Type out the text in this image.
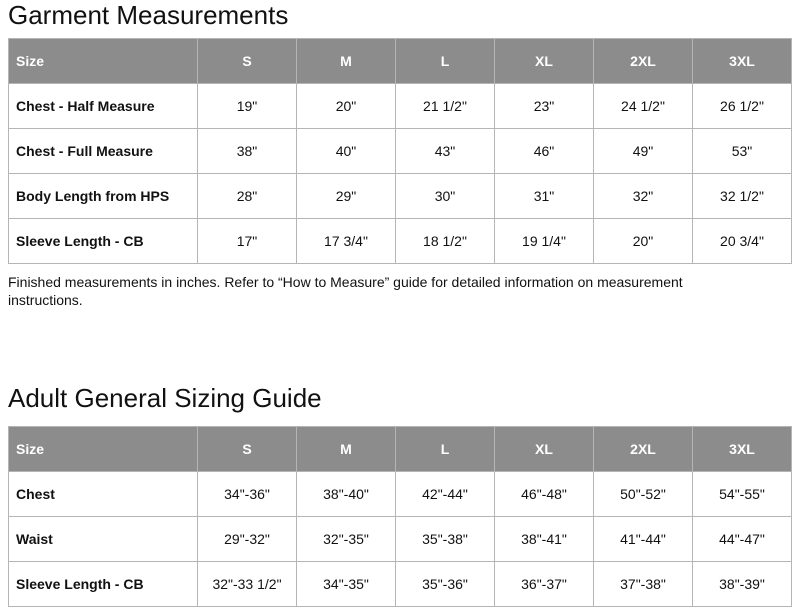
Garment Measurements
Size	S	M	L	XL	2XL	3XL
Chest - Half Measure	19"	20"	21 1/2"	23"	24 1/2"	26 1/2"
Chest - Full Measure	38"	40"	43"	46"	49"	53"
Body Length from HPS	28"	29"	30"	31"	32"	32 1/2"
Sleeve Length - CB	17"	17 3/4"	18 1/2"	19 1/4"	20"	20 3/4"

Finished measurements in inches. Refer to “How to Measure” guide for detailed information on measurement instructions.

Adult General Sizing Guide
Size	S	M	L	XL	2XL	3XL
Chest	34"-36"	38"-40"	42"-44"	46"-48"	50"-52"	54"-55"
Waist	29"-32"	32"-35"	35"-38"	38"-41"	41"-44"	44"-47"
Sleeve Length - CB	32"-33 1/2"	34"-35"	35"-36"	36"-37"	37"-38"	38"-39"
